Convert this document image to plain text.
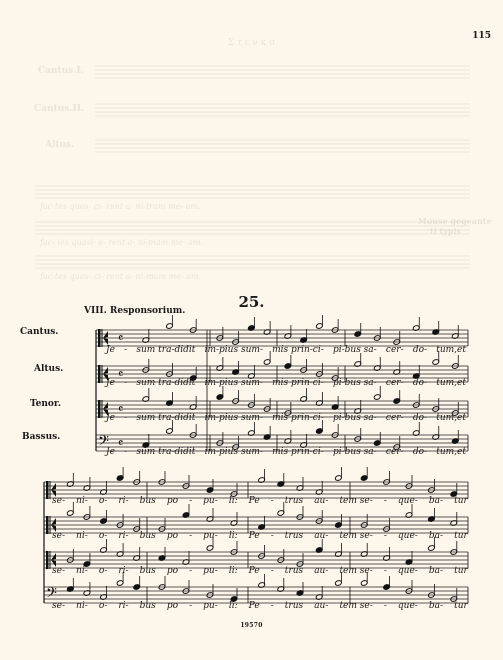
115
Σ τ ε ν κ σ
Cantus.I.
Cantus.II.
Altus.
fac-tes quas- ci- rent a- ni-tram me- am.
fac- ies quasi- e- rent a- ni-mam me- am.
fac-tes quas- ci- rent a- ni-mam me- am.
Mouse gegeante
ti typis
25.
VIII. Responsorium.
Cantus.
Altus.
Tenor.
Bassus.
𝄴
𝄴
𝄴
𝄢 𝄴
𝄢
Je - sum tra-didit im-pius sum- mis prin-ci- pi-bus sa- cer- do- tum,et
Je - sum tra-didit im-pius sum- mis prin-ci- pi-bus sa- cer- do- tum,et
Je - sum tra-didit im-pius sum- mis prin-ci- pi-bus sa- cer- do- tum,et
Je - sum tra-didit im-pius sum- mis prin-ci- pi-bus sa- cer- do- tum,et
se- ni- o- ri- bus po - pu- li: Pe - trus au- tem se- - que- ba- tur
se- ni- o- ri- bus po - pu- li: Pe - trus au- tem se- - que- ba- tur
se- ni- o- ri- bus po - pu- li: Pe - trus au- tem se- - que- ba- tur
se- ni- o- ri- bus po - pu- li: Pe - trus au- tem se- - que- ba- tur
19570
